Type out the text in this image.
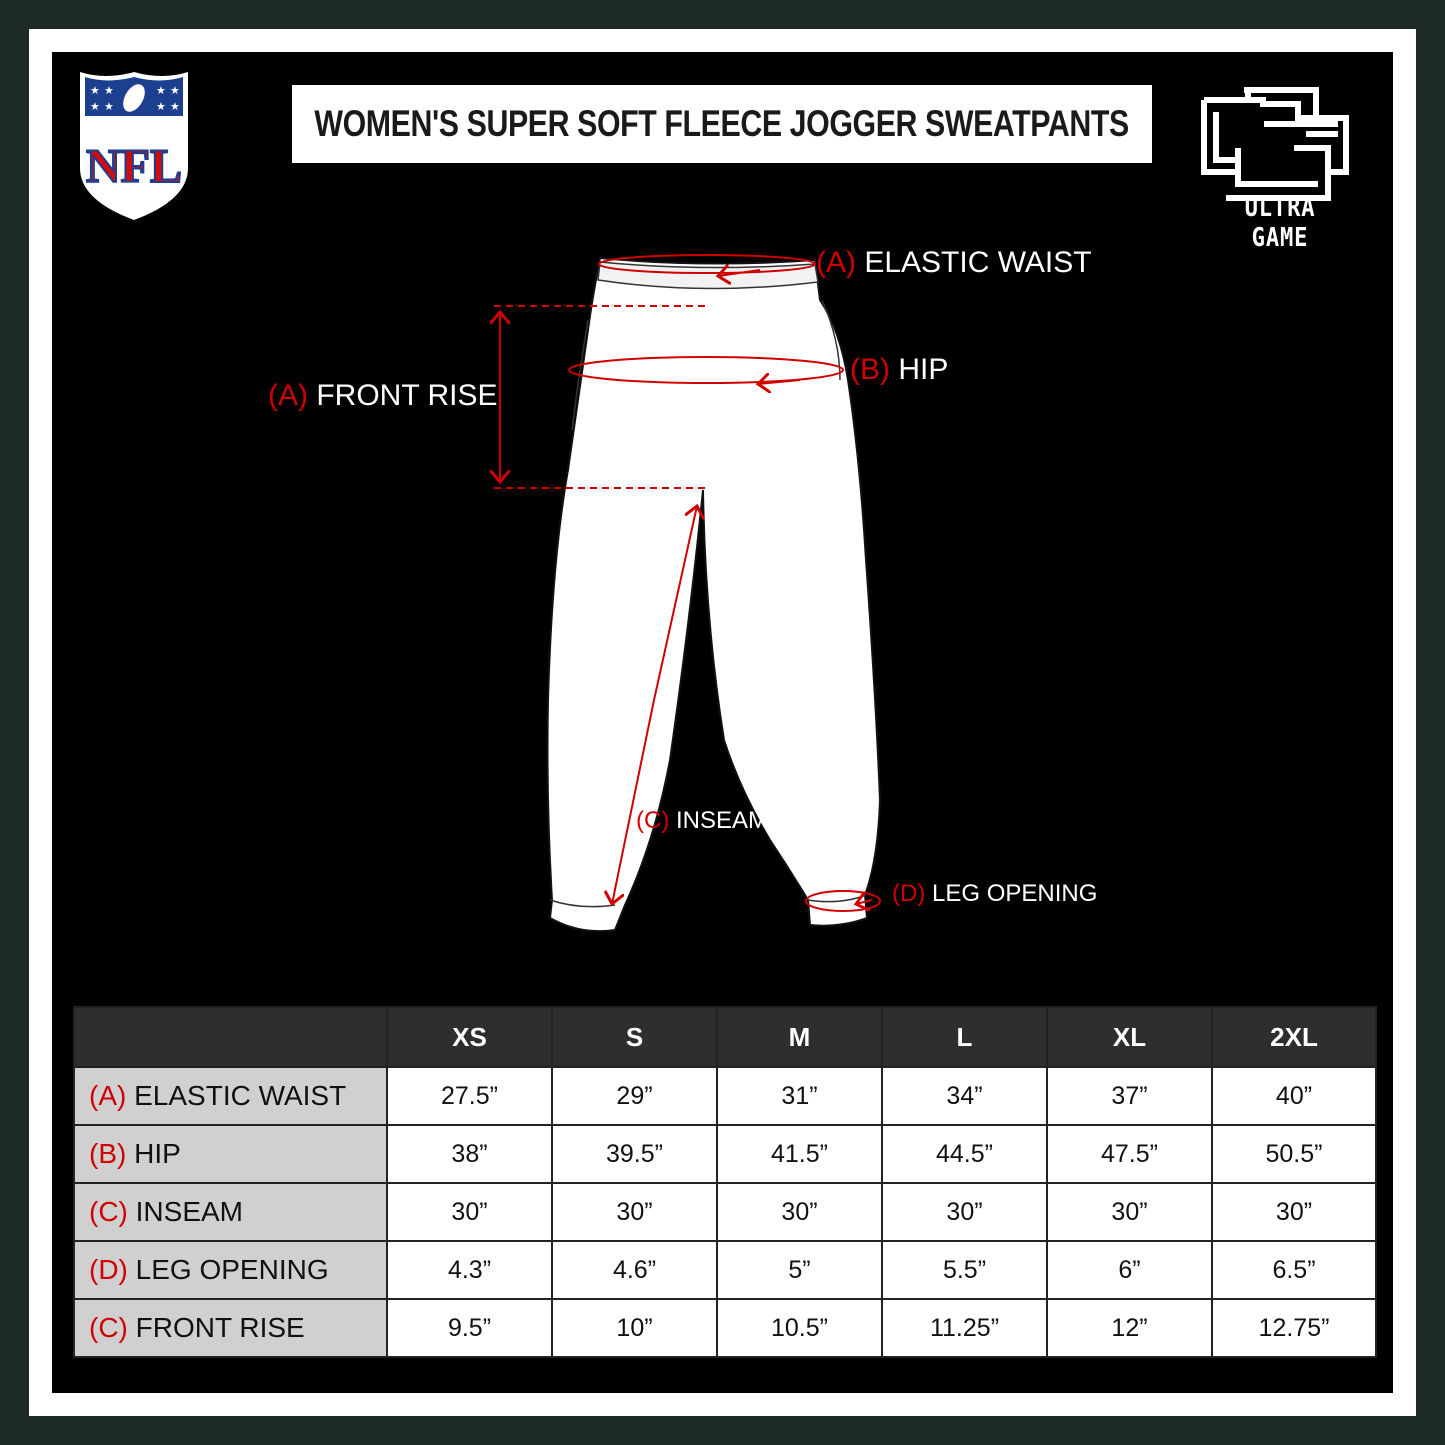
★ ★	★ ★
★ ★	★ ★
NFL
WOMEN'S SUPER SOFT FLEECE JOGGER SWEATPANTS
ULTRA GAME
(A) ELASTIC WAIST
(B) HIP
(A) FRONT RISE
(C) INSEAM
(D) LEG OPENING
	XS	S	M	L	XL	2XL
(A) ELASTIC WAIST	27.5”	29”	31”	34”	37”	40”
(B) HIP	38”	39.5”	41.5”	44.5”	47.5”	50.5”
(C) INSEAM	30”	30”	30”	30”	30”	30”
(D) LEG OPENING	4.3”	4.6”	5”	5.5”	6”	6.5”
(C) FRONT RISE	9.5”	10”	10.5”	11.25”	12”	12.75”
